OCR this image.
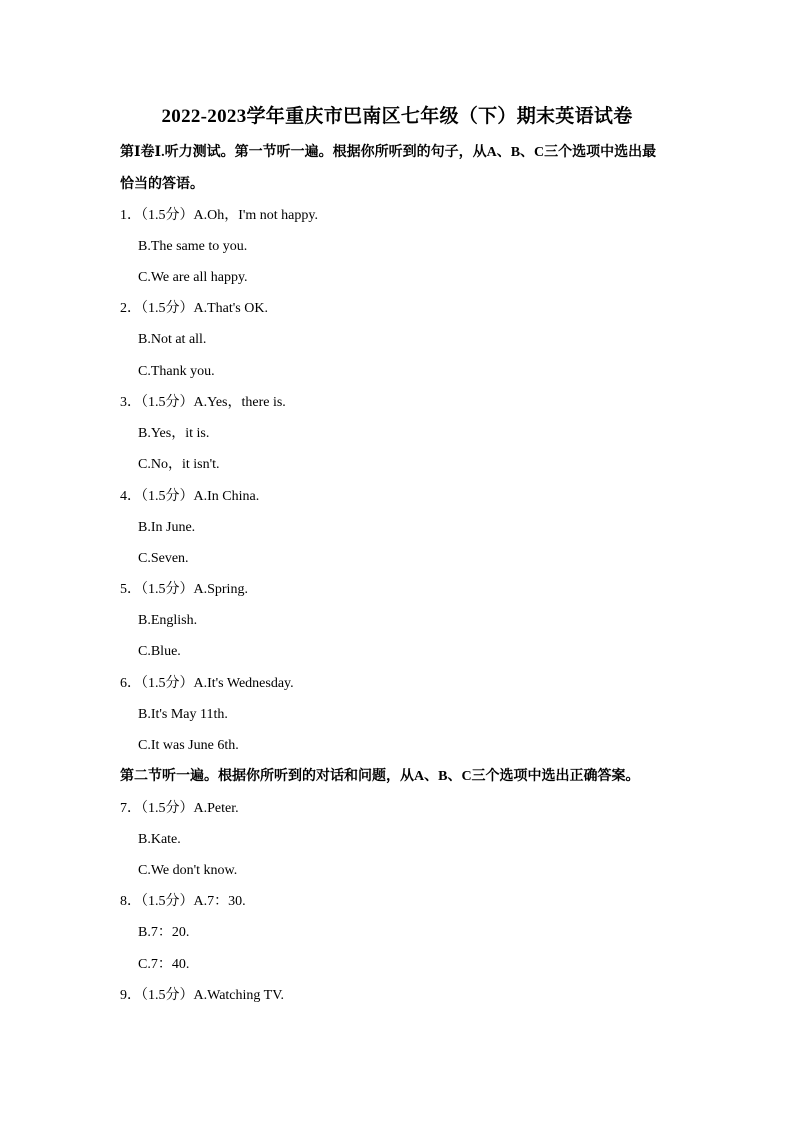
2022-2023学年重庆市巴南区七年级（下）期末英语试卷
第Ⅰ卷Ⅰ.听力测试。第一节听一遍。根据你所听到的句子，从A、B、C三个选项中选出最
恰当的答语。
1．（1.5分）A.Oh，I'm not happy.
B.The same to you.
C.We are all happy.
2．（1.5分）A.That's OK.
B.Not at all.
C.Thank you.
3．（1.5分）A.Yes，there is.
B.Yes，it is.
C.No，it isn't.
4．（1.5分）A.In China.
B.In June.
C.Seven.
5．（1.5分）A.Spring.
B.English.
C.Blue.
6．（1.5分）A.It's Wednesday.
B.It's May 11th.
C.It was June 6th.
第二节听一遍。根据你所听到的对话和问题，从A、B、C三个选项中选出正确答案。
7．（1.5分）A.Peter.
B.Kate.
C.We don't know.
8．（1.5分）A.7：30.
B.7：20.
C.7：40.
9．（1.5分）A.Watching TV.
